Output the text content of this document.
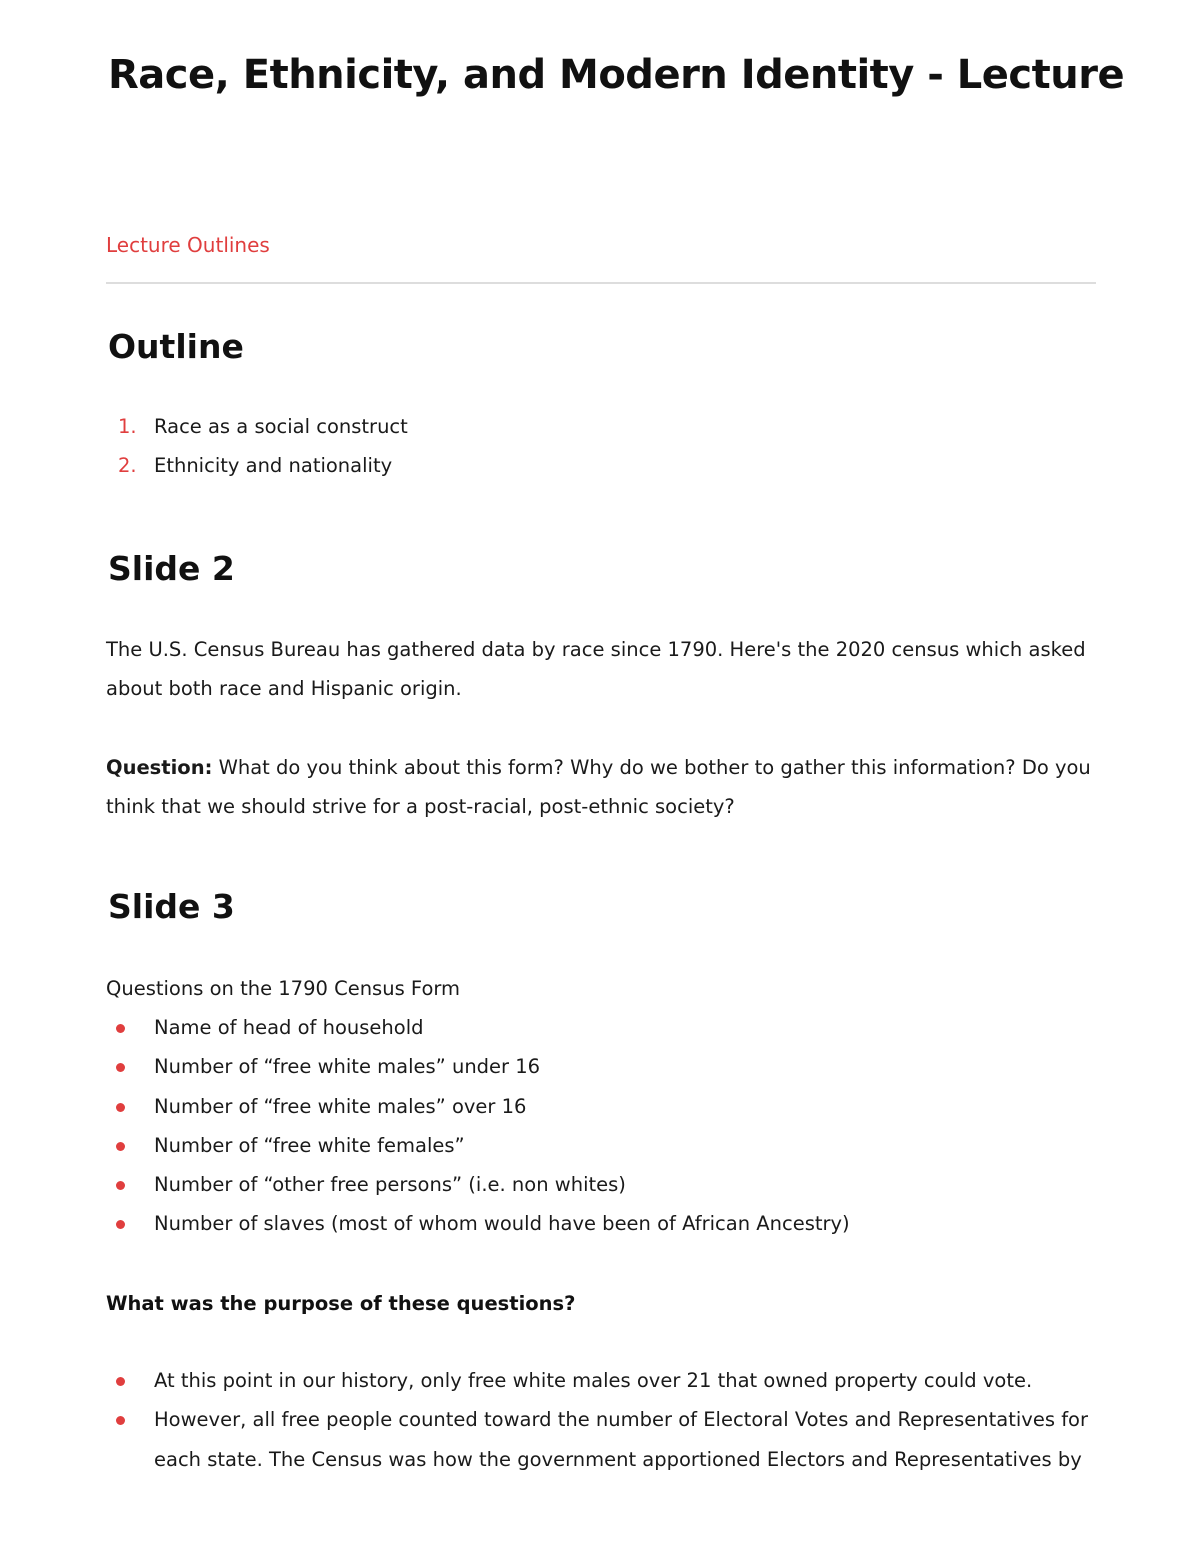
Race, Ethnicity, and Modern Identity - Lecture
Lecture Outlines
Outline
1. Race as a social construct
2. Ethnicity and nationality
Slide 2

The U.S. Census Bureau has gathered data by race since 1790. Here's the 2020 census which asked about both race and Hispanic origin.

Question: What do you think about this form? Why do we bother to gather this information? Do you think that we should strive for a post-racial, post-ethnic society?

Slide 3

Questions on the 1790 Census Form

Name of head of household
Number of “free white males” under 16
Number of “free white males” over 16
Number of “free white females”
Number of “other free persons” (i.e. non whites)
Number of slaves (most of whom would have been of African Ancestry)

What was the purpose of these questions?

At this point in our history, only free white males over 21 that owned property could vote.
However, all free people counted toward the number of Electoral Votes and Representatives for each state. The Census was how the government apportioned Electors and Representatives by
